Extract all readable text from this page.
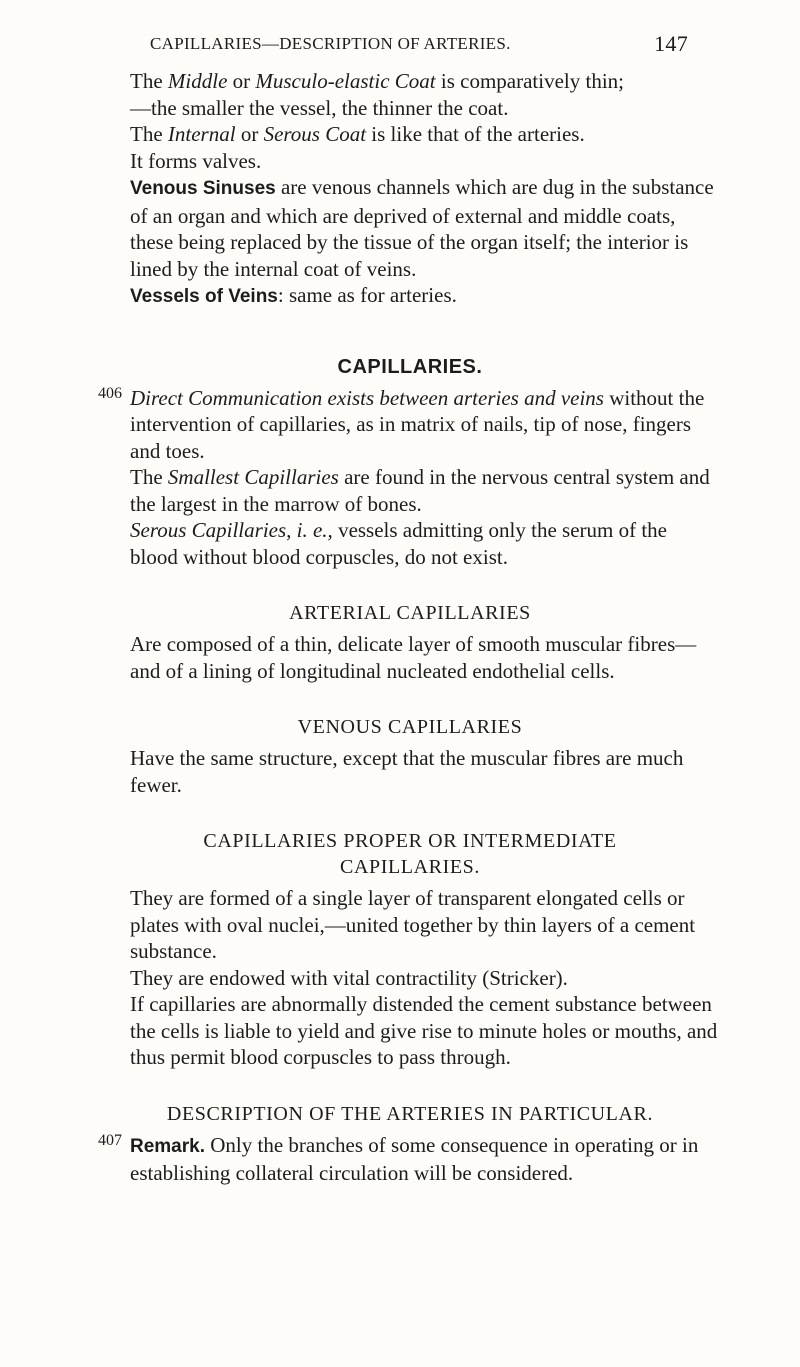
CAPILLARIES—DESCRIPTION OF ARTERIES.	147

The Middle or Musculo-elastic Coat is comparatively thin;

—the smaller the vessel, the thinner the coat.

The Internal or Serous Coat is like that of the arteries.

It forms valves.

Venous Sinuses are venous channels which are dug in the substance of an organ and which are deprived of external and middle coats, these being replaced by the tissue of the organ itself; the interior is lined by the internal coat of veins.

Vessels of Veins: same as for arteries.

CAPILLARIES.
406 Direct Communication exists between arteries and veins without the intervention of capillaries, as in matrix of nails, tip of nose, fingers and toes.

The Smallest Capillaries are found in the nervous central system and the largest in the marrow of bones.

Serous Capillaries, i. e., vessels admitting only the serum of the blood without blood corpuscles, do not exist.

ARTERIAL CAPILLARIES

Are composed of a thin, delicate layer of smooth muscular fibres—and of a lining of longitudinal nucleated endothelial cells.

VENOUS CAPILLARIES

Have the same structure, except that the muscular fibres are much fewer.

CAPILLARIES PROPER OR INTERMEDIATE
CAPILLARIES.

They are formed of a single layer of transparent elongated cells or plates with oval nuclei,—united together by thin layers of a cement substance.

They are endowed with vital contractility (Stricker).

If capillaries are abnormally distended the cement substance between the cells is liable to yield and give rise to minute holes or mouths, and thus permit blood corpuscles to pass through.

DESCRIPTION OF THE ARTERIES IN PARTICULAR.
407 Remark. Only the branches of some consequence in operating or in establishing collateral circulation will be considered.
